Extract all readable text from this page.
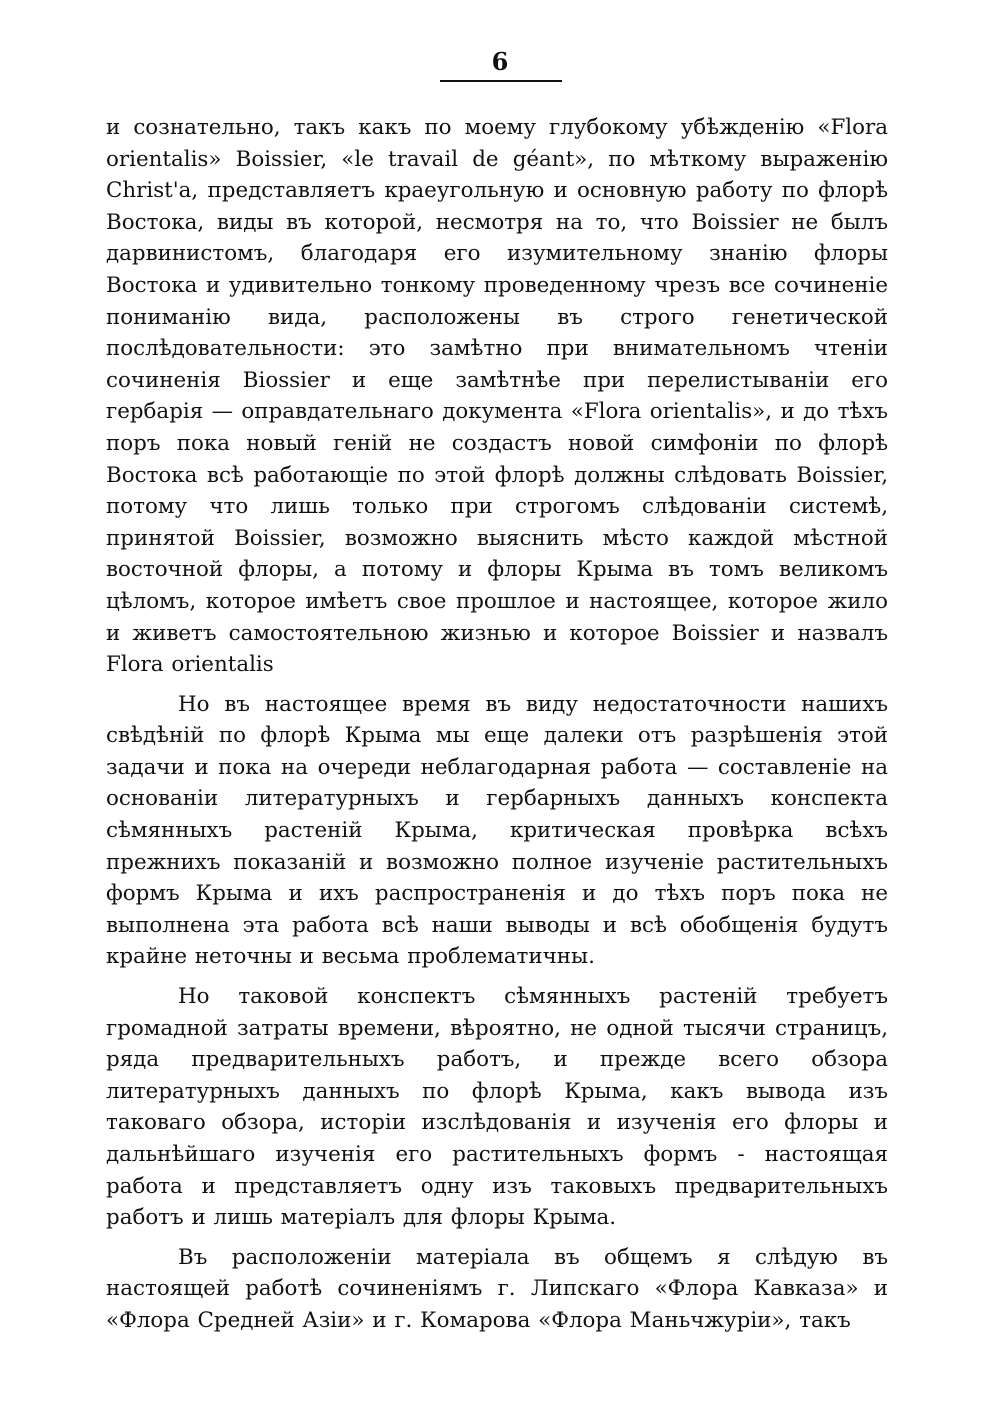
6

и сознательно, такъ какъ по моему глубокому убѣжденію «Flora orientalis» Boissier, «le travail de géant», по мѣткому выраженію Christ'a, представляетъ краеугольную и основную работу по флорѣ Востока, виды въ которой, несмотря на то, что Boissier не былъ дарвинистомъ, благодаря его изумительному знанію флоры Востока и удивительно тонкому проведенному чрезъ все сочиненіе пониманію вида, расположены въ строго генетической послѣдовательности: это замѣтно при внимательномъ чтеніи сочиненія Biossier и еще замѣтнѣе при перелистываніи его гербарія — оправдательнаго документа «Flora orientalis», и до тѣхъ поръ пока новый геній не создастъ новой симфоніи по флорѣ Востока всѣ работающіе по этой флорѣ должны слѣдовать Boissier, потому что лишь только при строгомъ слѣдованіи системѣ, принятой Boissier, возможно выяснить мѣсто каждой мѣстной восточной флоры, а потому и флоры Крыма въ томъ великомъ цѣломъ, которое имѣетъ свое прошлое и настоящее, которое жило и живетъ самостоятельною жизнью и которое Boissier и назвалъ Flora orientalis

Но въ настоящее время въ виду недостаточности нашихъ свѣдѣній по флорѣ Крыма мы еще далеки отъ разрѣшенія этой задачи и пока на очереди неблагодарная работа — составленіе на основаніи литературныхъ и гербарныхъ данныхъ конспекта сѣмянныхъ растеній Крыма, критическая провѣрка всѣхъ прежнихъ показаній и возможно полное изученіе растительныхъ формъ Крыма и ихъ распространенія и до тѣхъ поръ пока не выполнена эта работа всѣ наши выводы и всѣ обобщенія будутъ крайне неточны и весьма проблематичны.

Но таковой конспектъ сѣмянныхъ растеній требуетъ громадной затраты времени, вѣроятно, не одной тысячи страницъ, ряда предварительныхъ работъ, и прежде всего обзора литературныхъ данныхъ по флорѣ Крыма, какъ вывода изъ таковаго обзора, исторіи изслѣдованія и изученія его флоры и дальнѣйшаго изученія его растительныхъ формъ - настоящая работа и представляетъ одну изъ таковыхъ предварительныхъ работъ и лишь матеріалъ для флоры Крыма.

Въ расположеніи матеріала въ общемъ я слѣдую въ настоящей работѣ сочиненіямъ г. Липскаго «Флора Кавказа» и «Флора Средней Азіи» и г. Комарова «Флора Маньчжуріи», такъ
